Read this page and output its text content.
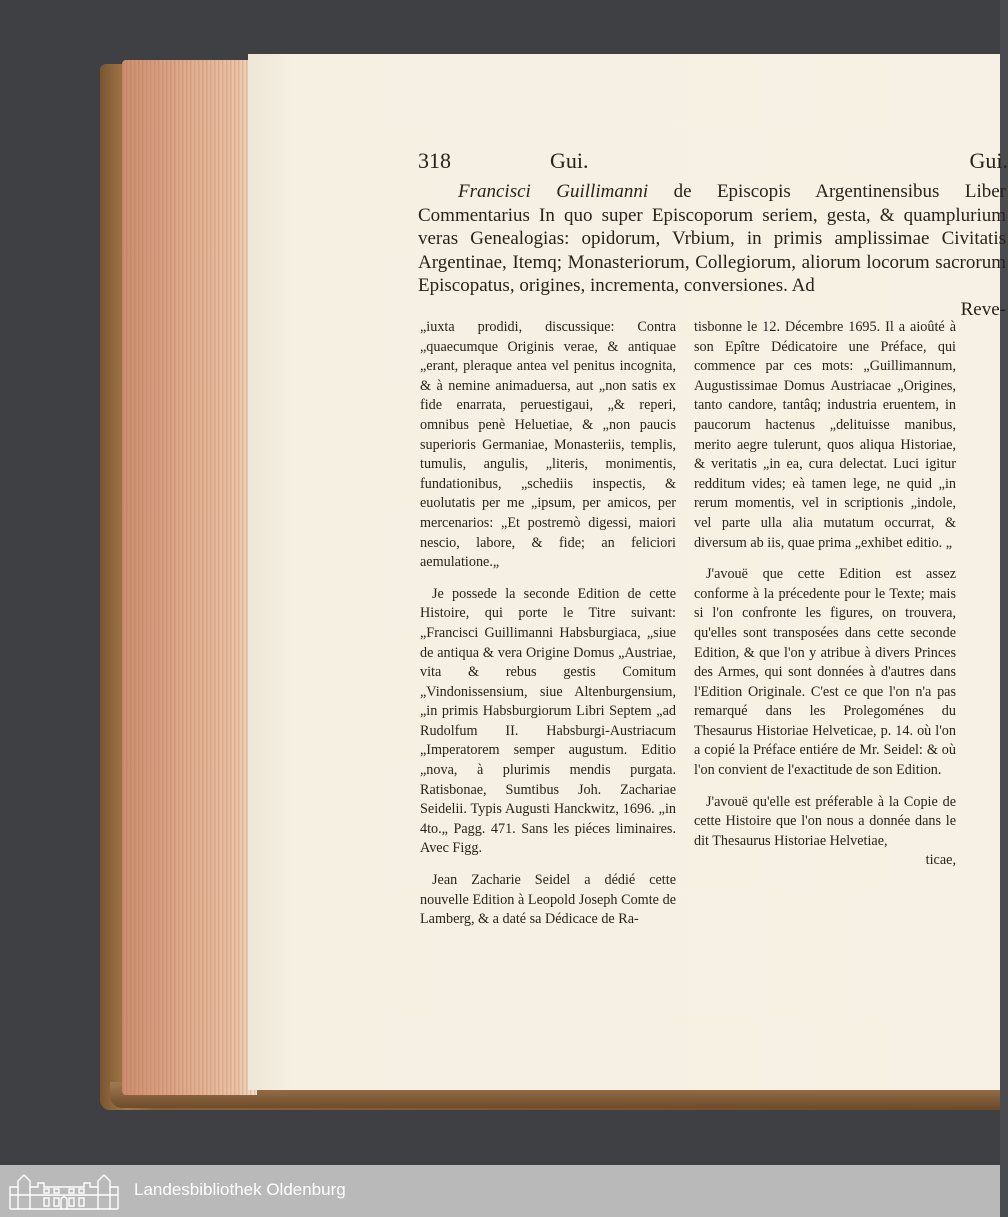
318	Gui.	Gui.

Francisci Guillimanni de Episcopis Argentinensibus Liber Commentarius In quo super Episcoporum seriem, gesta, & quamplurium veras Genealogias: opidorum, Vrbium, in primis amplissimae Civitatis Argentinae, Itemq; Monasteriorum, Collegiorum, aliorum locorum sacrorum Episcopatus, origines, incrementa, conversiones. Ad

Reve-

„iuxta prodidi, discussique: Contra „quaecumque Originis verae, & antiquae „erant, pleraque antea vel penitus incognita, & à nemine animaduersa, aut „non satis ex fide enarrata, peruestigaui, „& reperi, omnibus penè Heluetiae, & „non paucis superioris Germaniae, Monasteriis, templis, tumulis, angulis, „literis, monimentis, fundationibus, „schediis inspectis, & euolutatis per me „ipsum, per amicos, per mercenarios: „Et postremò digessi, maiori nescio, labore, & fide; an feliciori aemulatione.„

Je possede la seconde Edition de cette Histoire, qui porte le Titre suivant: „Francisci Guillimanni Habsburgiaca, „siue de antiqua & vera Origine Domus „Austriae, vita & rebus gestis Comitum „Vindonissensium, siue Altenburgensium, „in primis Habsburgiorum Libri Septem „ad Rudolfum II. Habsburgi-Austriacum „Imperatorem semper augustum. Editio „nova, à plurimis mendis purgata. Ratisbonae, Sumtibus Joh. Zachariae Seidelii. Typis Augusti Hanckwitz, 1696. „in 4to.„ Pagg. 471. Sans les piéces liminaires. Avec Figg.

Jean Zacharie Seidel a dédié cette nouvelle Edition à Leopold Joseph Comte de Lamberg, & a daté sa Dédicace de Ra-

tisbonne le 12. Décembre 1695. Il a aioûté à son Epître Dédicatoire une Préface, qui commence par ces mots: „Guillimannum, Augustissimae Domus Austriacae „Origines, tanto candore, tantâq; industria eruentem, in paucorum hactenus „delituisse manibus, merito aegre tulerunt, quos aliqua Historiae, & veritatis „in ea, cura delectat. Luci igitur redditum vides; eà tamen lege, ne quid „in rerum momentis, vel in scriptionis „indole, vel parte ulla alia mutatum occurrat, & diversum ab iis, quae prima „exhibet editio. „

J'avouë que cette Edition est assez conforme à la précedente pour le Texte; mais si l'on confronte les figures, on trouvera, qu'elles sont transposées dans cette seconde Edition, & que l'on y atribue à divers Princes des Armes, qui sont données à d'autres dans l'Edition Originale. C'est ce que l'on n'a pas remarqué dans les Prolegoménes du Thesaurus Historiae Helveticae, p. 14. où l'on a copié la Préface entiére de Mr. Seidel: & où l'on convient de l'exactitude de son Edition.

J'avouë qu'elle est préferable à la Copie de cette Histoire que l'on nous a donnée dans le dit Thesaurus Historiae Helvetiae,

ticae,

Landesbibliothek Oldenburg
